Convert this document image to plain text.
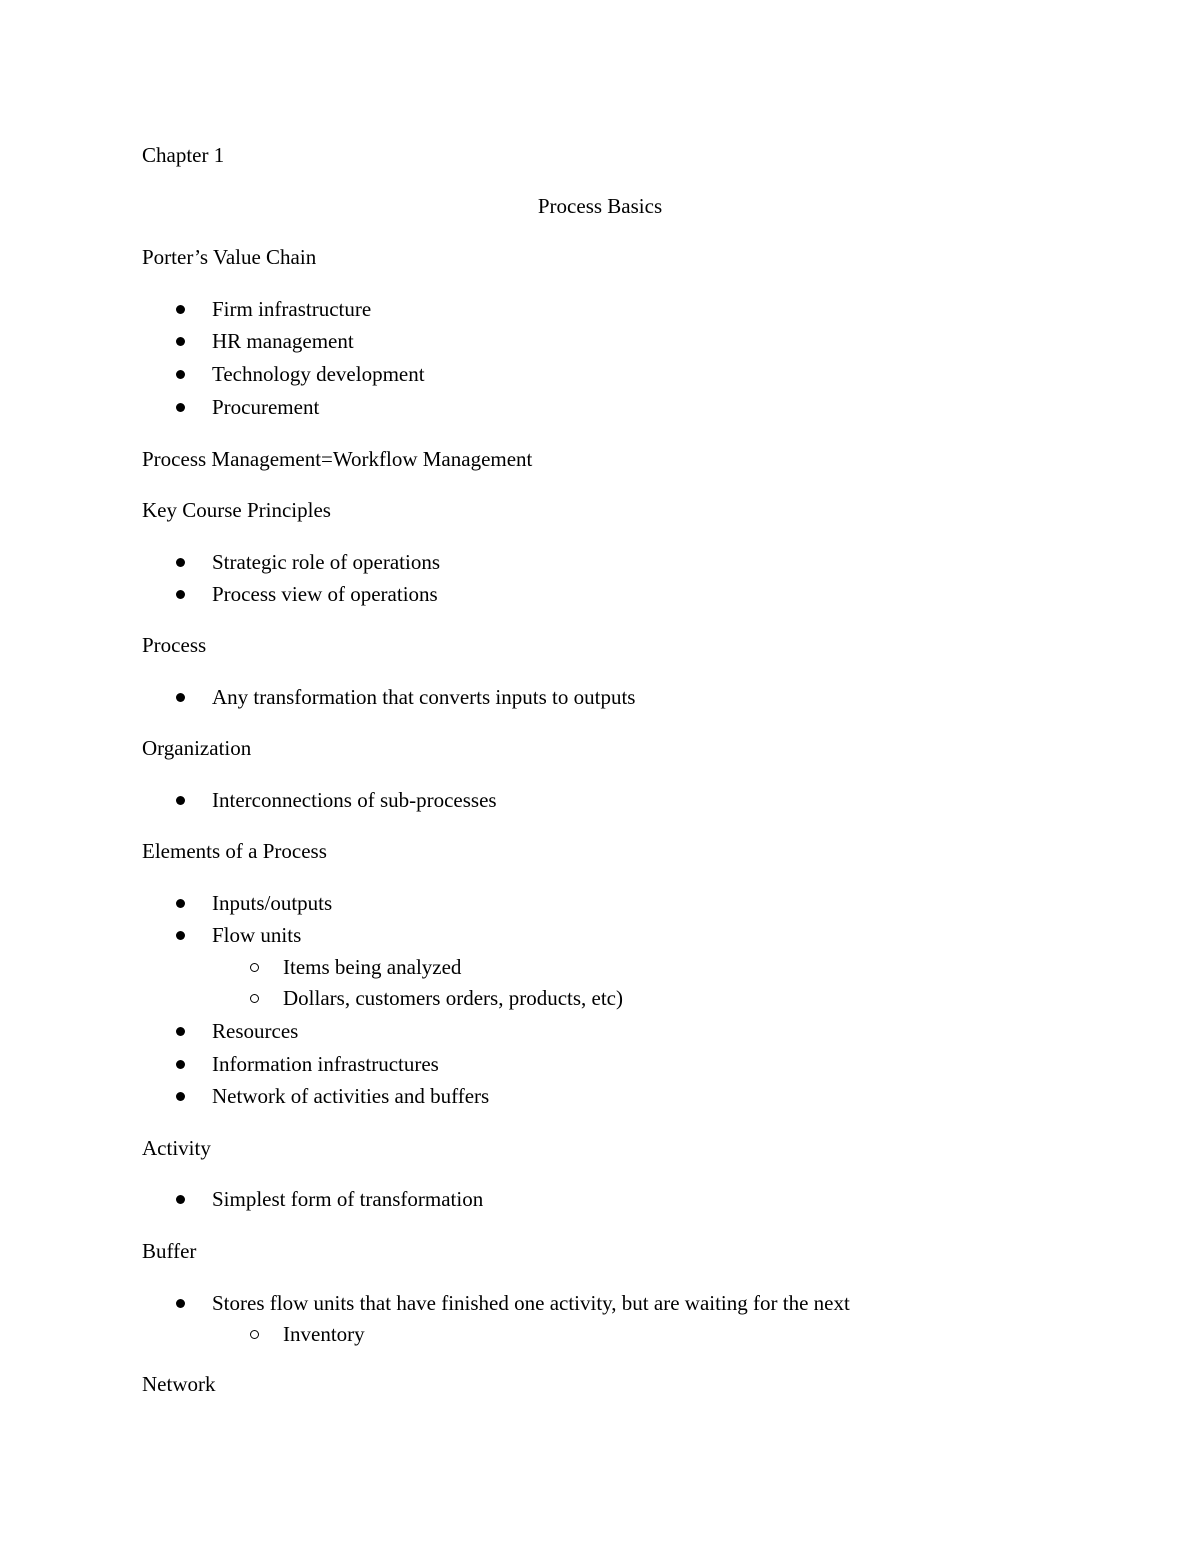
Chapter 1
Process Basics
Porter’s Value Chain
Firm infrastructure
HR management
Technology development
Procurement
Process Management=Workflow Management
Key Course Principles
Strategic role of operations
Process view of operations
Process
Any transformation that converts inputs to outputs
Organization
Interconnections of sub-processes
Elements of a Process
Inputs/outputs
Flow units
Items being analyzed
Dollars, customers orders, products, etc)
Resources
Information infrastructures
Network of activities and buffers
Activity
Simplest form of transformation
Buffer
Stores flow units that have finished one activity, but are waiting for the next
Inventory
Network
